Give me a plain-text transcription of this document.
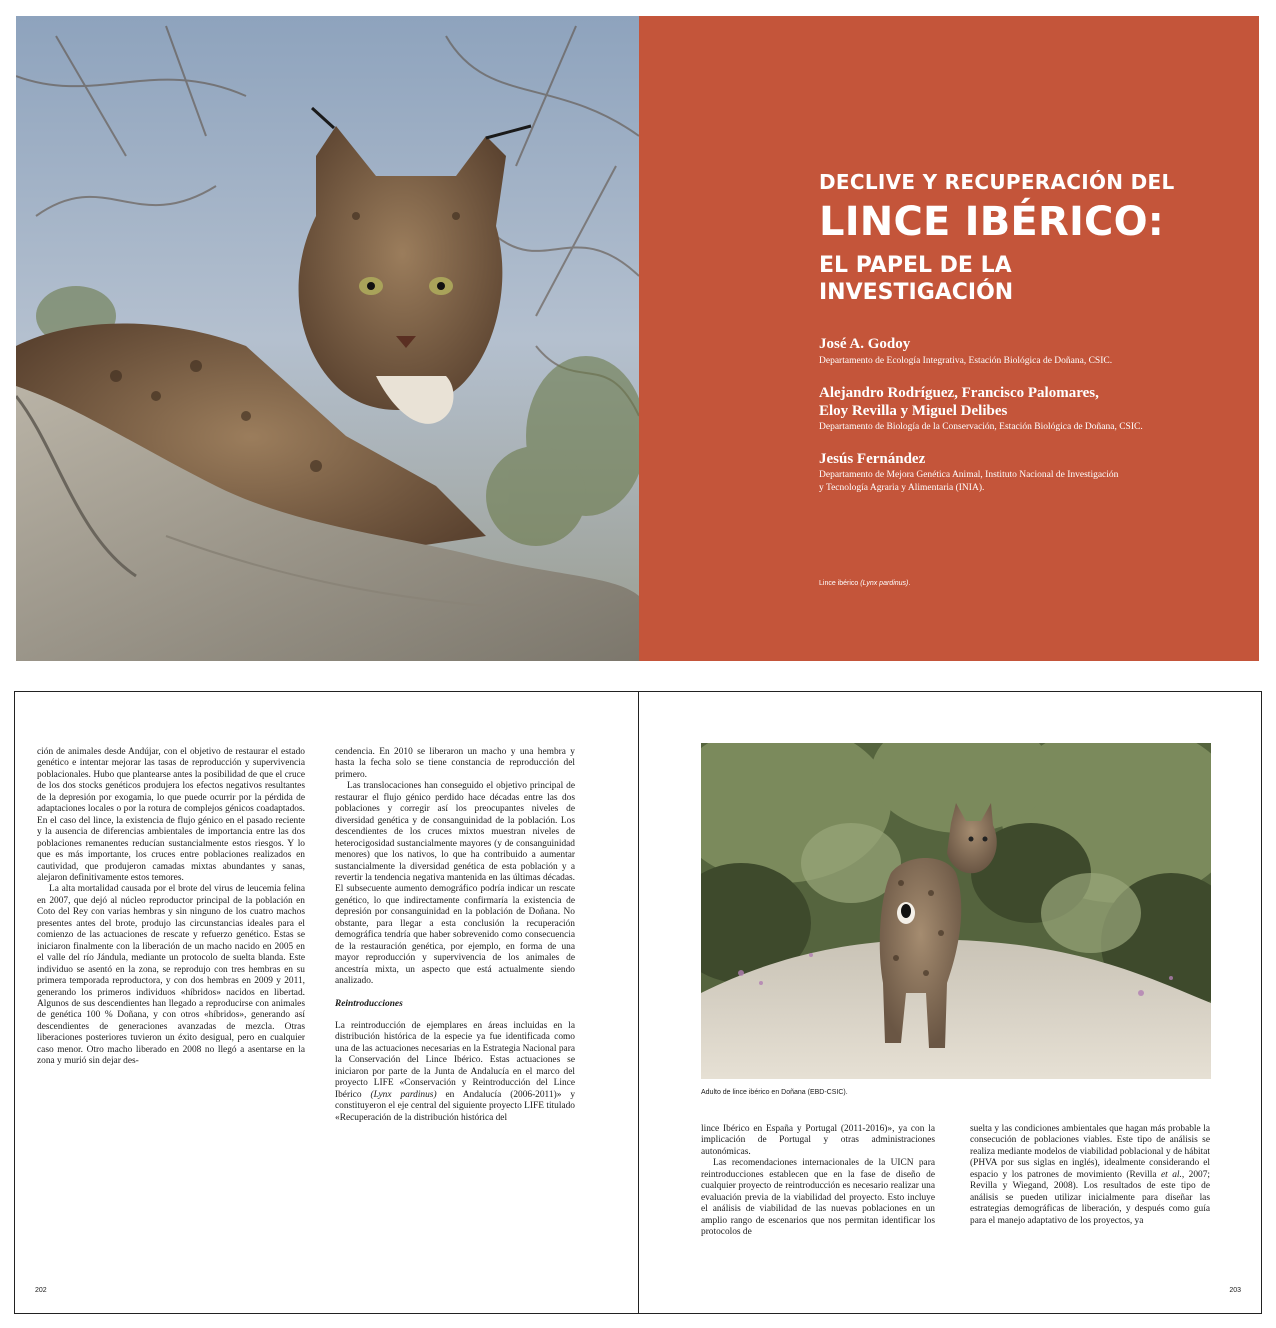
DECLIVE Y RECUPERACIÓN DEL
LINCE IBÉRICO:
EL PAPEL DE LA
INVESTIGACIÓN
José A. Godoy
Departamento de Ecología Integrativa, Estación Biológica de Doñana, CSIC.
Alejandro Rodríguez, Francisco Palomares,
Eloy Revilla y Miguel Delibes
Departamento de Biología de la Conservación, Estación Biológica de Doñana, CSIC.
Jesús Fernández
Departamento de Mejora Genética Animal, Instituto Nacional de Investigación
y Tecnología Agraria y Alimentaria (INIA).
Lince ibérico (Lynx pardinus).

ción de animales desde Andújar, con el objetivo de restaurar el estado genético e intentar mejorar las tasas de reproducción y supervivencia poblacionales. Hubo que plantearse antes la posibilidad de que el cruce de los dos stocks genéticos produjera los efectos negativos resultantes de la depresión por exogamia, lo que puede ocurrir por la pérdida de adaptaciones locales o por la rotura de complejos génicos coadaptados. En el caso del lince, la existencia de flujo génico en el pasado reciente y la ausencia de diferencias ambientales de importancia entre las dos poblaciones remanentes reducían sustancialmente estos riesgos. Y lo que es más importante, los cruces entre poblaciones realizados en cautividad, que produjeron camadas mixtas abundantes y sanas, alejaron definitivamente estos temores.

La alta mortalidad causada por el brote del virus de leucemia felina en 2007, que dejó al núcleo reproductor principal de la población en Coto del Rey con varias hembras y sin ninguno de los cuatro machos presentes antes del brote, produjo las circunstancias ideales para el comienzo de las actuaciones de rescate y refuerzo genético. Estas se iniciaron finalmente con la liberación de un macho nacido en 2005 en el valle del río Jándula, mediante un protocolo de suelta blanda. Este individuo se asentó en la zona, se reprodujo con tres hembras en su primera temporada reproductora, y con dos hembras en 2009 y 2011, generando los primeros individuos «híbridos» nacidos en libertad. Algunos de sus descendientes han llegado a reproducirse con animales de genética 100 % Doñana, y con otros «híbridos», generando así descendientes de generaciones avanzadas de mezcla. Otras liberaciones posteriores tuvieron un éxito desigual, pero en cualquier caso menor. Otro macho liberado en 2008 no llegó a asentarse en la zona y murió sin dejar des-

cendencia. En 2010 se liberaron un macho y una hembra y hasta la fecha solo se tiene constancia de reproducción del primero.

Las translocaciones han conseguido el objetivo principal de restaurar el flujo génico perdido hace décadas entre las dos poblaciones y corregir así los preocupantes niveles de diversidad genética y de consanguinidad de la población. Los descendientes de los cruces mixtos muestran niveles de heterocigosidad sustancialmente mayores (y de consanguinidad menores) que los nativos, lo que ha contribuido a aumentar sustancialmente la diversidad genética de esta población y a revertir la tendencia negativa mantenida en las últimas décadas. El subsecuente aumento demográfico podría indicar un rescate genético, lo que indirectamente confirmaría la existencia de depresión por consanguinidad en la población de Doñana. No obstante, para llegar a esta conclusión la recuperación demográfica tendría que haber sobrevenido como consecuencia de la restauración genética, por ejemplo, en forma de una mayor reproducción y supervivencia de los animales de ancestría mixta, un aspecto que está actualmente siendo analizado.

Reintroducciones

La reintroducción de ejemplares en áreas incluidas en la distribución histórica de la especie ya fue identificada como una de las actuaciones necesarias en la Estrategia Nacional para la Conservación del Lince Ibérico. Estas actuaciones se iniciaron por parte de la Junta de Andalucía en el marco del proyecto LIFE «Conservación y Reintroducción del Lince Ibérico (Lynx pardinus) en Andalucía (2006-2011)» y constituyeron el eje central del siguiente proyecto LIFE titulado «Recuperación de la distribución histórica del

202
Adulto de lince ibérico en Doñana (EBD-CSIC).

lince Ibérico en España y Portugal (2011-2016)», ya con la implicación de Portugal y otras administraciones autonómicas.

Las recomendaciones internacionales de la UICN para reintroducciones establecen que en la fase de diseño de cualquier proyecto de reintroducción es necesario realizar una evaluación previa de la viabilidad del proyecto. Esto incluye el análisis de viabilidad de las nuevas poblaciones en un amplio rango de escenarios que nos permitan identificar los protocolos de

suelta y las condiciones ambientales que hagan más probable la consecución de poblaciones viables. Este tipo de análisis se realiza mediante modelos de viabilidad poblacional y de hábitat (PHVA por sus siglas en inglés), idealmente considerando el espacio y los patrones de movimiento (Revilla et al., 2007; Revilla y Wiegand, 2008). Los resultados de este tipo de análisis se pueden utilizar inicialmente para diseñar las estrategias demográficas de liberación, y después como guía para el manejo adaptativo de los proyectos, ya

203
